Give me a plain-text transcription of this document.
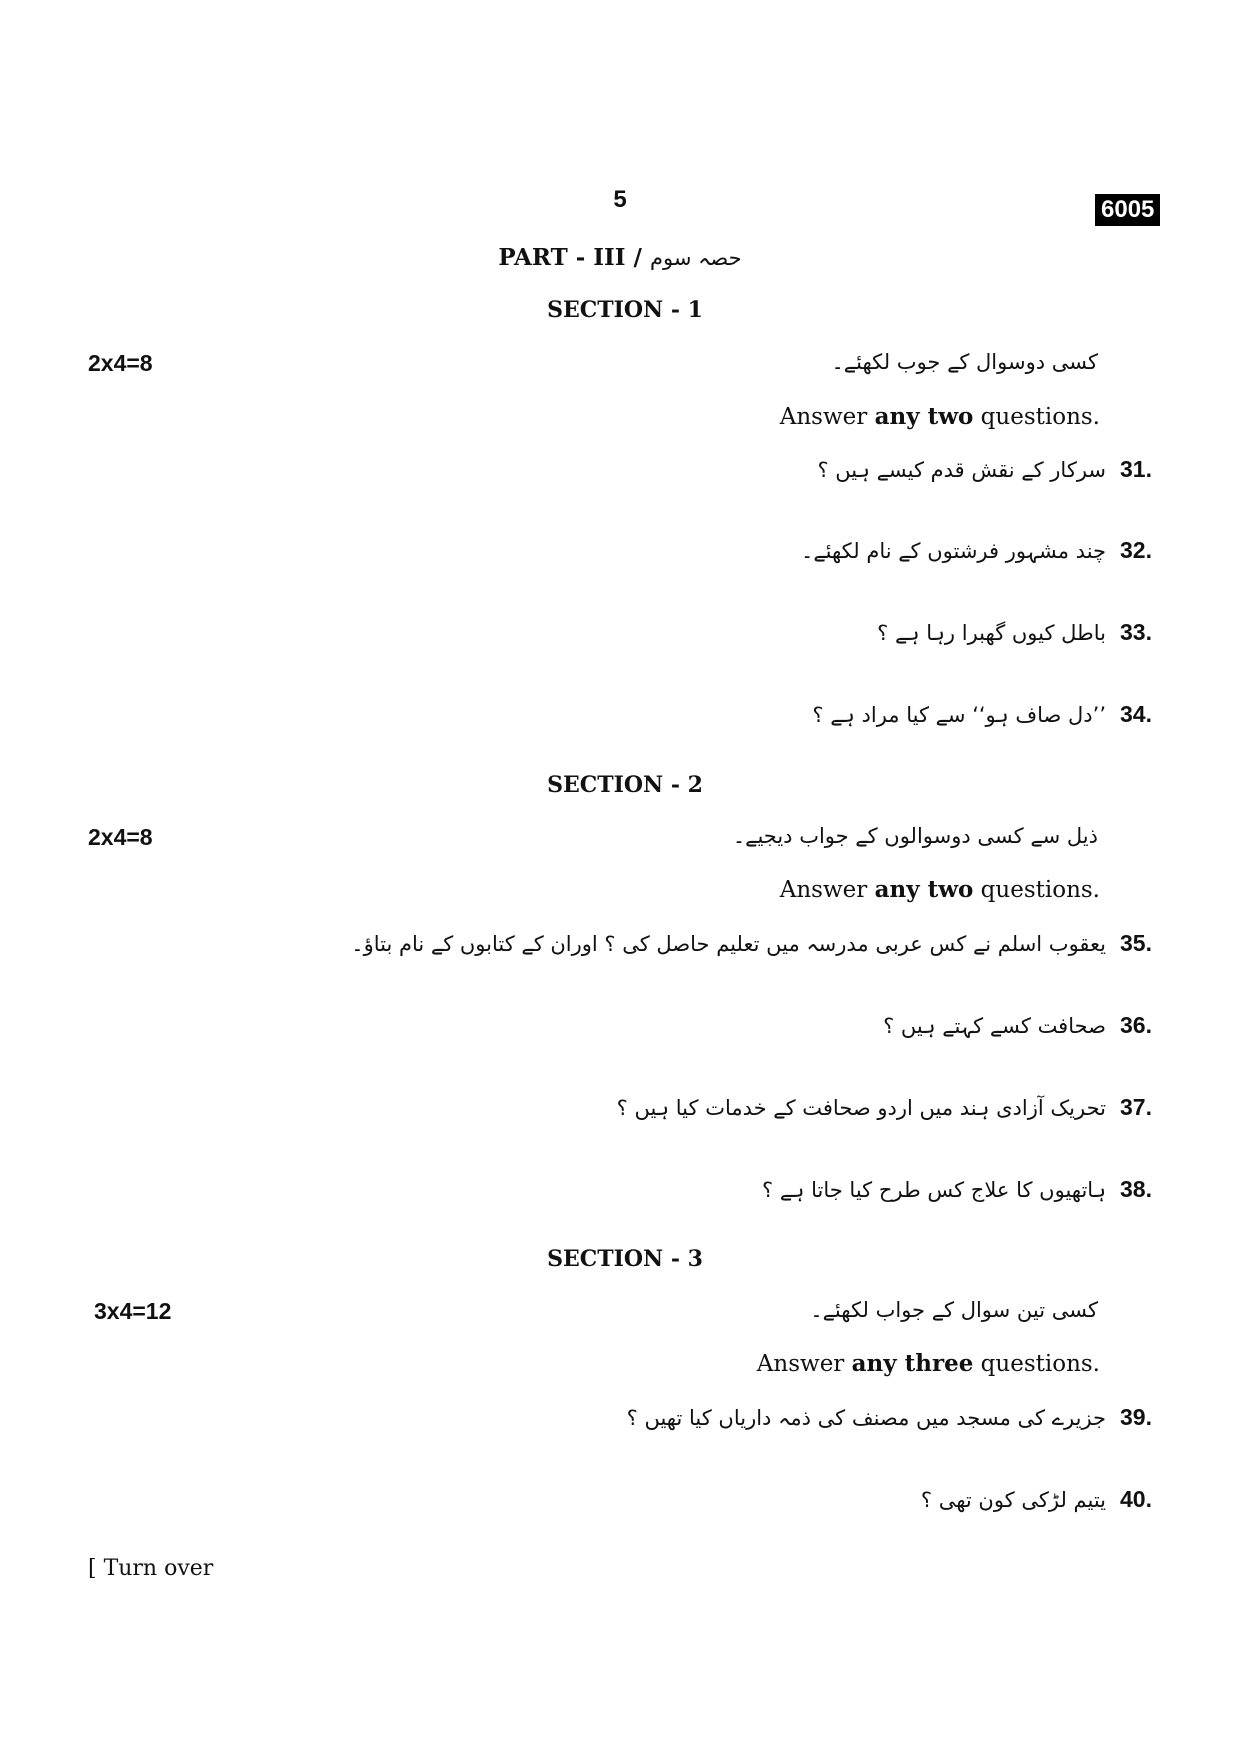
5	6005
PART - III / حصہ سوم
SECTION - 1
2x4=8	کسی دوسوال کے جوب لکھئے۔
Answer any two questions.
31.سرکار کے نقش قدم کیسے ہیں ؟
32.چند مشہور فرشتوں کے نام لکھئے۔
33.باطل کیوں گھبرا رہا ہے ؟
34.’’دل صاف ہو‘‘ سے کیا مراد ہے ؟
SECTION - 2
2x4=8	ذیل سے کسی دوسوالوں کے جواب دیجیے۔
Answer any two questions.
35.یعقوب اسلم نے کس عربی مدرسہ میں تعلیم حاصل کی ؟ اوران کے کتابوں کے نام بتاؤ۔
36.صحافت کسے کہتے ہیں ؟
37.تحریک آزادی ہند میں اردو صحافت کے خدمات کیا ہیں ؟
38.ہاتھیوں کا علاج کس طرح کیا جاتا ہے ؟
SECTION - 3
3x4=12	کسی تین سوال کے جواب لکھئے۔
Answer any three questions.
39.جزیرے کی مسجد میں مصنف کی ذمہ داریاں کیا تھیں ؟
40.یتیم لڑکی کون تھی ؟
[ Turn over
